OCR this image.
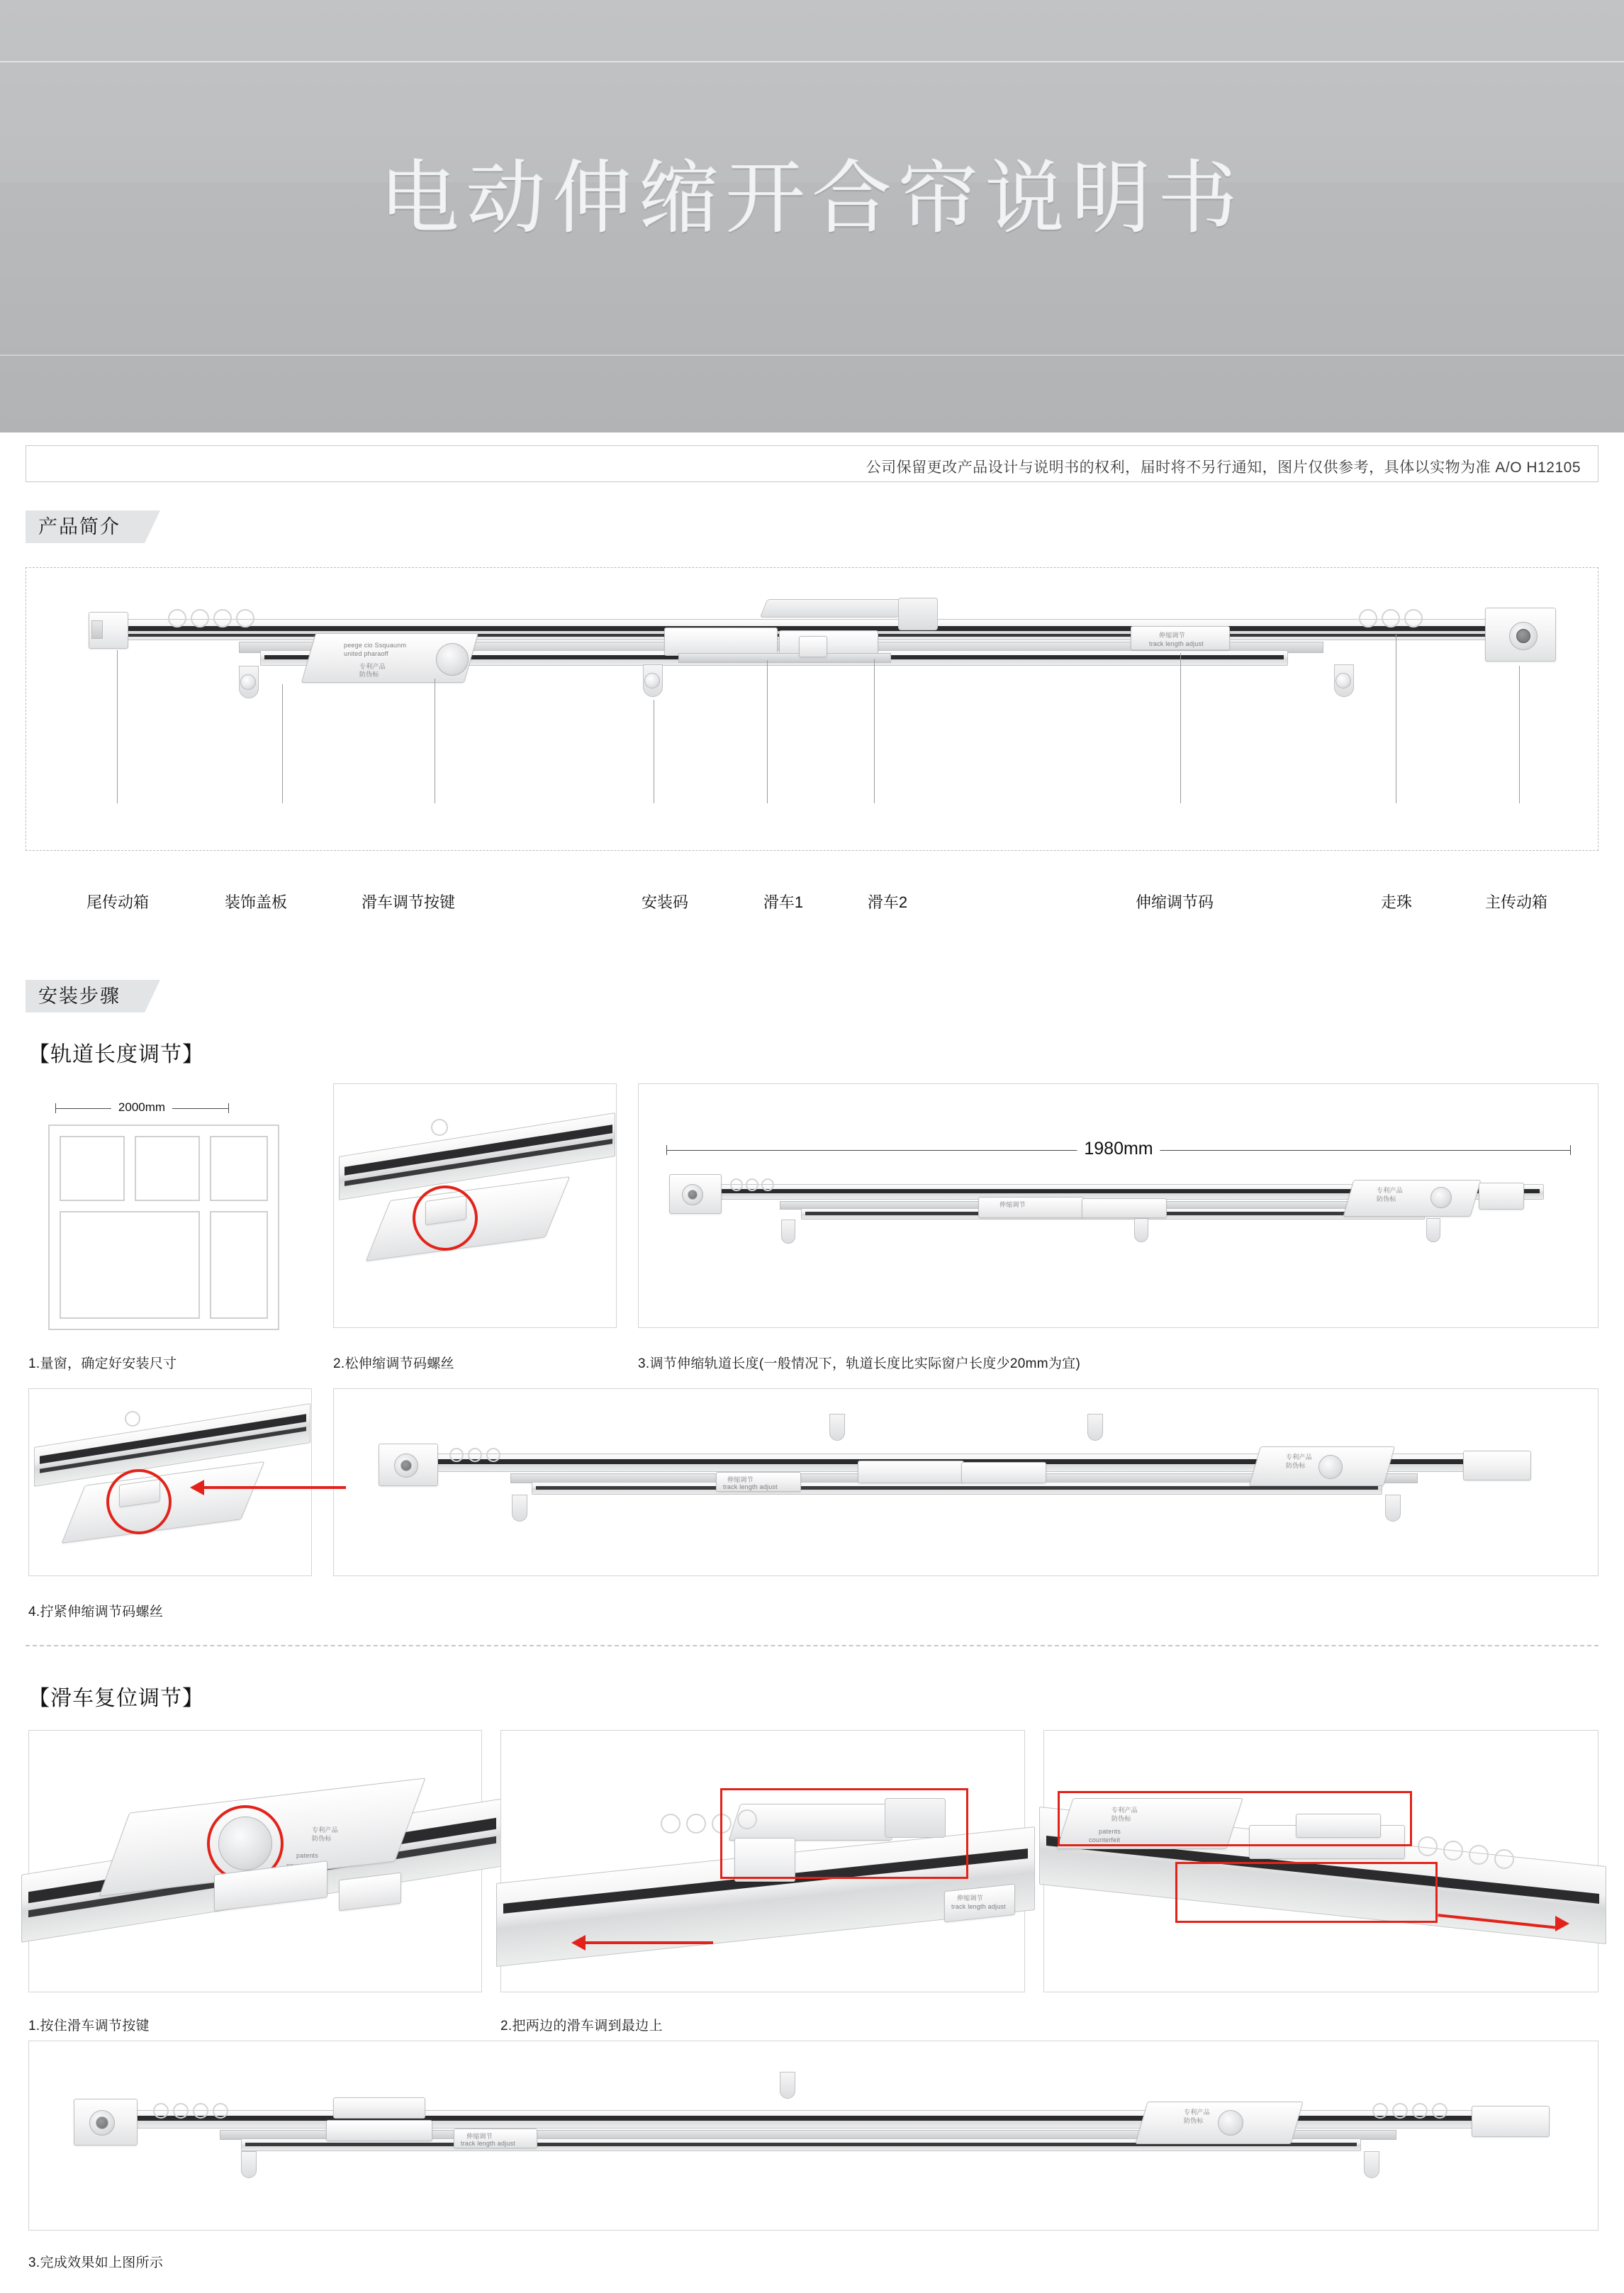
电动伸缩开合帘说明书
公司保留更改产品设计与说明书的权利，届时将不另行通知，图片仅供参考，具体以实物为准 A/O H12105
产品简介
peege cio Ssquaunm
united pharaoff
专利产品
防伪标
伸缩调节
track length adjust
尾传动箱	装饰盖板	滑车调节按键	安装码	滑车1	滑车2	伸缩调节码	走珠	主传动箱
安装步骤
【轨道长度调节】
2000mm
1.量窗，确定好安装尺寸	2.松伸缩调节码螺丝
1980mm
伸缩调节
专利产品
防伪标
3.调节伸缩轨道长度(一般情况下，轨道长度比实际窗户长度少20mm为宜)
4.拧紧伸缩调节码螺丝
伸缩调节
track length adjust
专利产品
防伪标
【滑车复位调节】
专利产品
防伪标
patents
1.按住滑车调节按键
伸缩调节
track length adjust
2.把两边的滑车调到最边上
专利产品
防伪标
patents
counterfeit
伸缩调节
track length adjust
专利产品
防伪标
3.完成效果如上图所示
